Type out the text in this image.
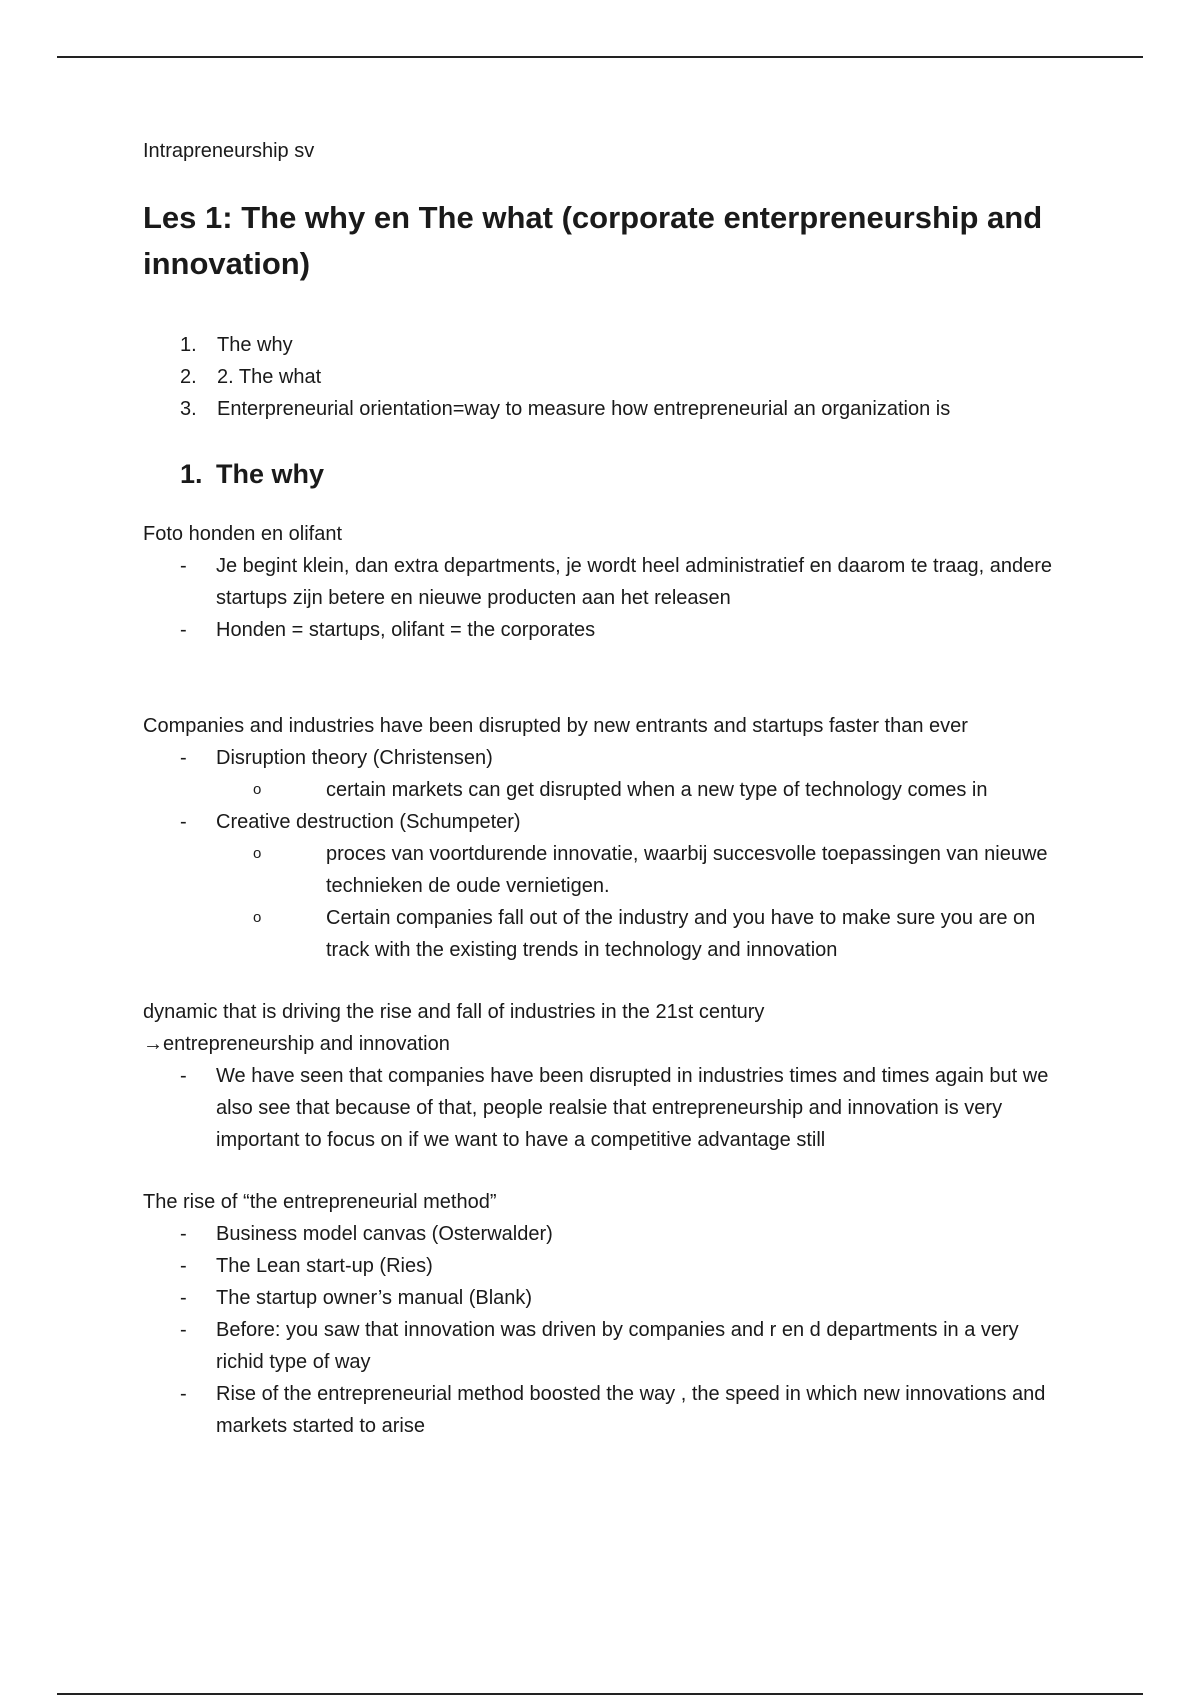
Intrapreneurship sv
Les 1: The why en The what (corporate enterpreneurship and innovation)
1.	The why
2.	2. The what
3.	Enterpreneurial orientation=way to measure how entrepreneurial an organization is
1. The why

Foto honden en olifant

-	Je begint klein, dan extra departments, je wordt heel administratief en daarom te traag, andere startups zijn betere en nieuwe producten aan het releasen
-	Honden = startups, olifant = the corporates

Companies and industries have been disrupted by new entrants and startups faster than ever

-	Disruption theory (Christensen)
o	certain markets can get disrupted when a new type of technology comes in
-	Creative destruction (Schumpeter)
o	proces van voortdurende innovatie, waarbij succesvolle toepassingen van nieuwe technieken de oude vernietigen.
o	Certain companies fall out of the industry and you have to make sure you are on track with the existing trends in technology and innovation

dynamic that is driving the rise and fall of industries in the 21st century

→entrepreneurship and innovation

-	We have seen that companies have been disrupted in industries times and times again but we also see that because of that, people realsie that entrepreneurship and innovation is very important to focus on if we want to have a competitive advantage still

The rise of “the entrepreneurial method”

-	Business model canvas (Osterwalder)
-	The Lean start-up (Ries)
-	The startup owner’s manual (Blank)
-	Before: you saw that innovation was driven by companies and r en d departments in a very richid type of way
-	Rise of the entrepreneurial method boosted the way , the speed in which new innovations and markets started to arise
